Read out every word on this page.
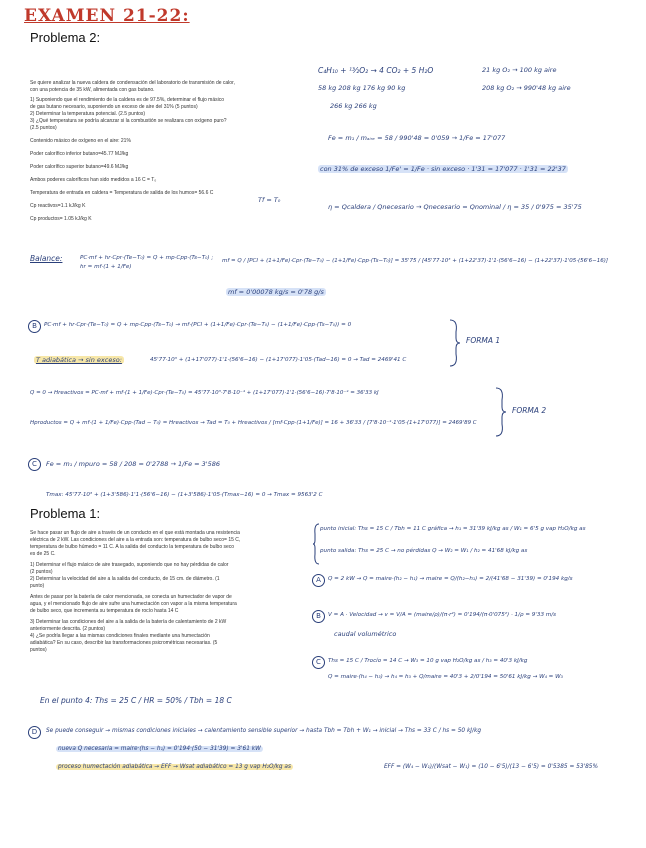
EXAMEN 21-22:
Problema 2:
Se quiere analizar la nueva caldera de condensación del laboratorio de transmisión de calor,
con una potencia de 35 kW, alimentada con gas butano.
1) Suponiendo que el rendimiento de la caldera es de 97.5%, determinar el flujo másico
de gas butano necesario, suponiendo un exceso de aire del 31% (5 puntos)
2) Determinar la temperatura potencial. (2.5 puntos)
3) ¿Qué temperatura se podría alcanzar si la combustión se realizara con oxígeno puro?
(2.5 puntos)
Contenido másico de oxígeno en el aire: 21%
Poder calorífico inferior butano=45.77 MJ/kg
Poder calorífico superior butano=49.6 MJ/kg
Ambos poderes caloríficos han sido medidos a 16 C = T₀
Temperatura de entrada en caldera = Temperatura de salida de los humos= 56.6 C
Cp reactivos=1.1 kJ/kg K
Cp productos= 1.05 kJ/kg K
Tf = T₀
C₄H₁₀ + ¹³⁄₂O₂ → 4 CO₂ + 5 H₂O
58 kg 208 kg 176 kg 90 kg
266 kg 266 kg
21 kg O₂ → 100 kg aire
208 kg O₂ → 990'48 kg aire
Fe = m₁ / mₐᵢᵣₑ = 58 / 990'48 = 0'059 → 1/Fe = 17'077
con 31% de exceso 1/Fe' = 1/Fe · sin exceso · 1'31 = 17'077 · 1'31 = 22'37
η = Qcaldera / Qnecesario → Qnecesario = Qnominal / η = 35 / 0'975 = 35'75
Balance:	PC·mf + hr·Cpr·(Te−T₀) = Q + mp·Cpp·(Ts−T₀) ; hr = mf·(1 + 1/Fe)
mf = Q / [PCI + (1+1/Fe)·Cpr·(Te−T₀) − (1+1/Fe)·Cpp·(Ts−T₀)] = 35'75 / [45'77·10³ + (1+22'37)·1'1·(56'6−16) − (1+22'37)·1'05·(56'6−16)]
mf = 0'00078 kg/s = 0'78 g/s
B	PC·mf + hr·Cpr·(Te−T₀) = Q + mp·Cpp·(Ts−T₀) → mf·(PCI + (1+1/Fe)·Cpr·(Te−T₀) − (1+1/Fe)·Cpp·(Ts−T₀)) = 0
T adiabática → sin exceso:	45'77·10³ + (1+17'077)·1'1·(56'6−16) − (1+17'077)·1'05·(Tad−16) = 0 → Tad = 2469'41 C
FORMA 1
Q = 0 → Hreactivos = PC·mf + mf·(1 + 1/Fe)·Cpr·(Te−T₀) = 45'77·10³·7'8·10⁻⁴ + (1+17'077)·1'1·(56'6−16)·7'8·10⁻⁴ = 36'33 kJ
Hproductos = Q + mf·(1 + 1/Fe)·Cpp·(Tad − T₀) = Hreactivos → Tad = T₀ + Hreactivos / [mf·Cpp·(1+1/Fe)] = 16 + 36'33 / [7'8·10⁻⁴·1'05·(1+17'077)] = 2469'89 C
FORMA 2
C	Fe = m₁ / mpuro = 58 / 208 = 0'2788 → 1/Fe = 3'586
Tmax: 45'77·10³ + (1+3'586)·1'1·(56'6−16) − (1+3'586)·1'05·(Tmax−16) = 0 → Tmax = 9563'2 C
Problema 1:
Se hace pasar un flujo de aire a través de un conducto en el que está montada una resistencia
eléctrica de 2 kW. Las condiciones del aire a la entrada son: temperatura de bulbo seco= 15 C,
temperatura de bulbo húmedo = 11 C. A la salida del conducto la temperatura de bulbo seco
es de 25 C.
1) Determinar el flujo másico de aire trasegado, suponiendo que no hay pérdidas de calor
(2 puntos)
2) Determinar la velocidad del aire a la salida del conducto, de 15 cm. de diámetro. (1
punto)
Antes de pasar por la batería de calor mencionada, se conecta un humectador de vapor de
agua, y el mencionado flujo de aire sufre una humectación con vapor a la misma temperatura
de bulbo seco, que incrementa su temperatura de rocío hasta 14 C
3) Determinar las condiciones del aire a la salida de la batería de calentamiento de 2 kW
anteriormente descrita. (2 puntos)
4) ¿Se podría llegar a las mismas condiciones finales mediante una humectación
adiabática? En su caso, describir las transformaciones psicrométricas necesarias. (5
puntos)
punto inicial: Ths = 15 C / Tbh = 11 C gráfica → h₁ = 31'39 kJ/kg as / W₁ = 6'5 g vap H₂O/kg as
punto salida: Ths = 25 C → no pérdidas Q → W₂ = W₁ / h₂ = 41'68 kJ/kg as
En el punto 4: Ths = 25 C / HR = 50% / Tbh = 18 C
A	Q = 2 kW → Q = maire·(h₂ − h₁) → maire = Q/(h₂−h₁) = 2/(41'68 − 31'39) = 0'194 kg/s
B	V = A · Velocidad → v = V/A = (maire/ρ)/(π·r²) = 0'194/(π·0'075²) · 1/ρ = 9'33 m/s
caudal volumétrico
C	Ths = 15 C / Trocío = 14 C → W₃ = 10 g vap H₂O/kg as / h₃ = 40'3 kJ/kg
Q = maire·(h₄ − h₃) → h₄ = h₃ + Q/maire = 40'3 + 2/0'194 = 50'61 kJ/kg → W₄ = W₃
D	Se puede conseguir → mismas condiciones iniciales → calentamiento sensible superior → hasta Tbh = Tbh + W₁ → inicial → Ths = 33 C / hs = 50 kJ/kg
nueva Q necesaria = maire·(hs − h₁) = 0'194·(50 − 31'39) = 3'61 kW
proceso humectación adiabática → EFF → Wsat adiabático = 13 g vap H₂O/kg as	EFF = (W₄ − W₁)/(Wsat − W₁) = (10 − 6'5)/(13 − 6'5) = 0'5385 = 53'85%
